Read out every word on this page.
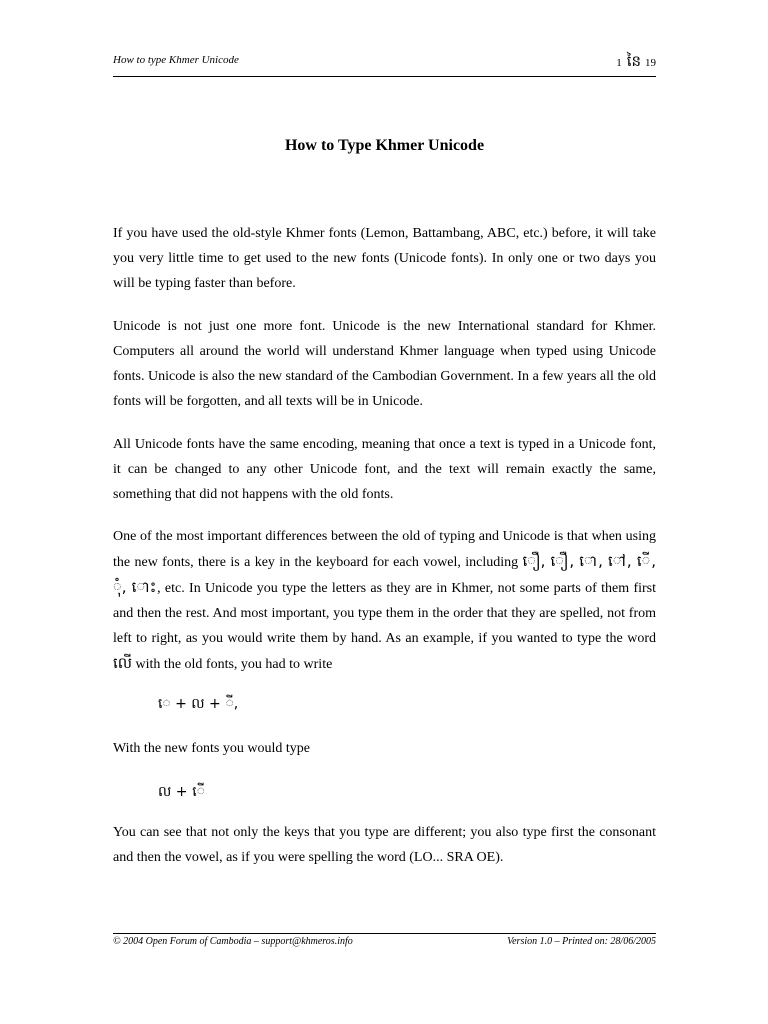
How to type Khmer Unicode	1 នៃ 19
How to Type Khmer Unicode

If you have used the old-style Khmer fonts (Lemon, Battambang, ABC, etc.) before, it will take you very little time to get used to the new fonts (Unicode fonts). In only one or two days you will be typing faster than before.

Unicode is not just one more font. Unicode is the new International standard for Khmer. Computers all around the world will understand Khmer language when typed using Unicode fonts. Unicode is also the new standard of the Cambodian Government. In a few years all the old fonts will be forgotten, and all texts will be in Unicode.

All Unicode fonts have the same encoding, meaning that once a text is typed in a Unicode font, it can be changed to any other Unicode font, and the text will remain exactly the same, something that did not happens with the old fonts.

One of the most important differences between the old of typing and Unicode is that when using the new fonts, there is a key in the keyboard for each vowel, including ឿ, ឿ, ោ, ៅ, ើ, ុំ, ោះ, etc. In Unicode you type the letters as they are in Khmer, not some parts of them first and then the rest. And most important, you type them in the order that they are spelled, not from left to right, as you would write them by hand. As an example, if you wanted to type the word លើ with the old fonts, you had to write

េ + ល + ី,

With the new fonts you would type

ល + ើ

You can see that not only the keys that you type are different; you also type first the consonant and then the vowel, as if you were spelling the word (LO... SRA OE).

© 2004 Open Forum of Cambodia – support@khmeros.info	Version 1.0 – Printed on: 28/06/2005
